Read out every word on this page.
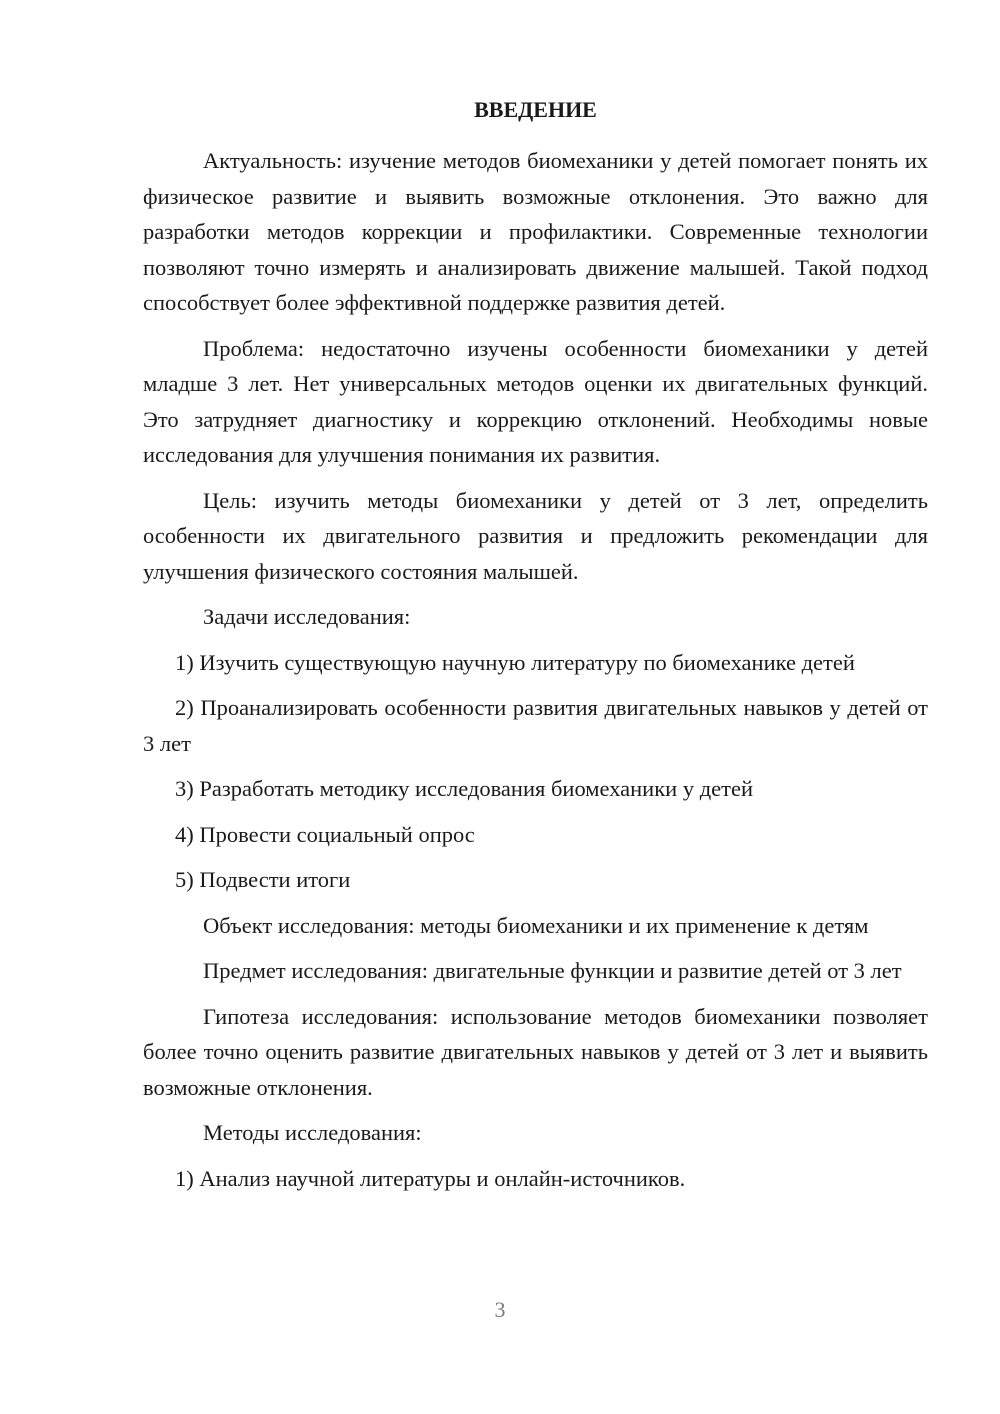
ВВЕДЕНИЕ

Актуальность: изучение методов биомеханики у детей помогает понять их физическое развитие и выявить возможные отклонения. Это важно для разработки методов коррекции и профилактики. Современные технологии позволяют точно измерять и анализировать движение малышей. Такой подход способствует более эффективной поддержке развития детей.

Проблема: недостаточно изучены особенности биомеханики у детей младше 3 лет. Нет универсальных методов оценки их двигательных функций. Это затрудняет диагностику и коррекцию отклонений. Необходимы новые исследования для улучшения понимания их развития.

Цель: изучить методы биомеханики у детей от 3 лет, определить особенности их двигательного развития и предложить рекомендации для улучшения физического состояния малышей.

Задачи исследования:

1) Изучить существующую научную литературу по биомеханике детей

2) Проанализировать особенности развития двигательных навыков у детей от 3 лет

3) Разработать методику исследования биомеханики у детей

4) Провести социальный опрос

5) Подвести итоги

Объект исследования: методы биомеханики и их применение к детям

Предмет исследования: двигательные функции и развитие детей от 3 лет

Гипотеза исследования: использование методов биомеханики позволяет более точно оценить развитие двигательных навыков у детей от 3 лет и выявить возможные отклонения.

Методы исследования:

1) Анализ научной литературы и онлайн-источников.

3
